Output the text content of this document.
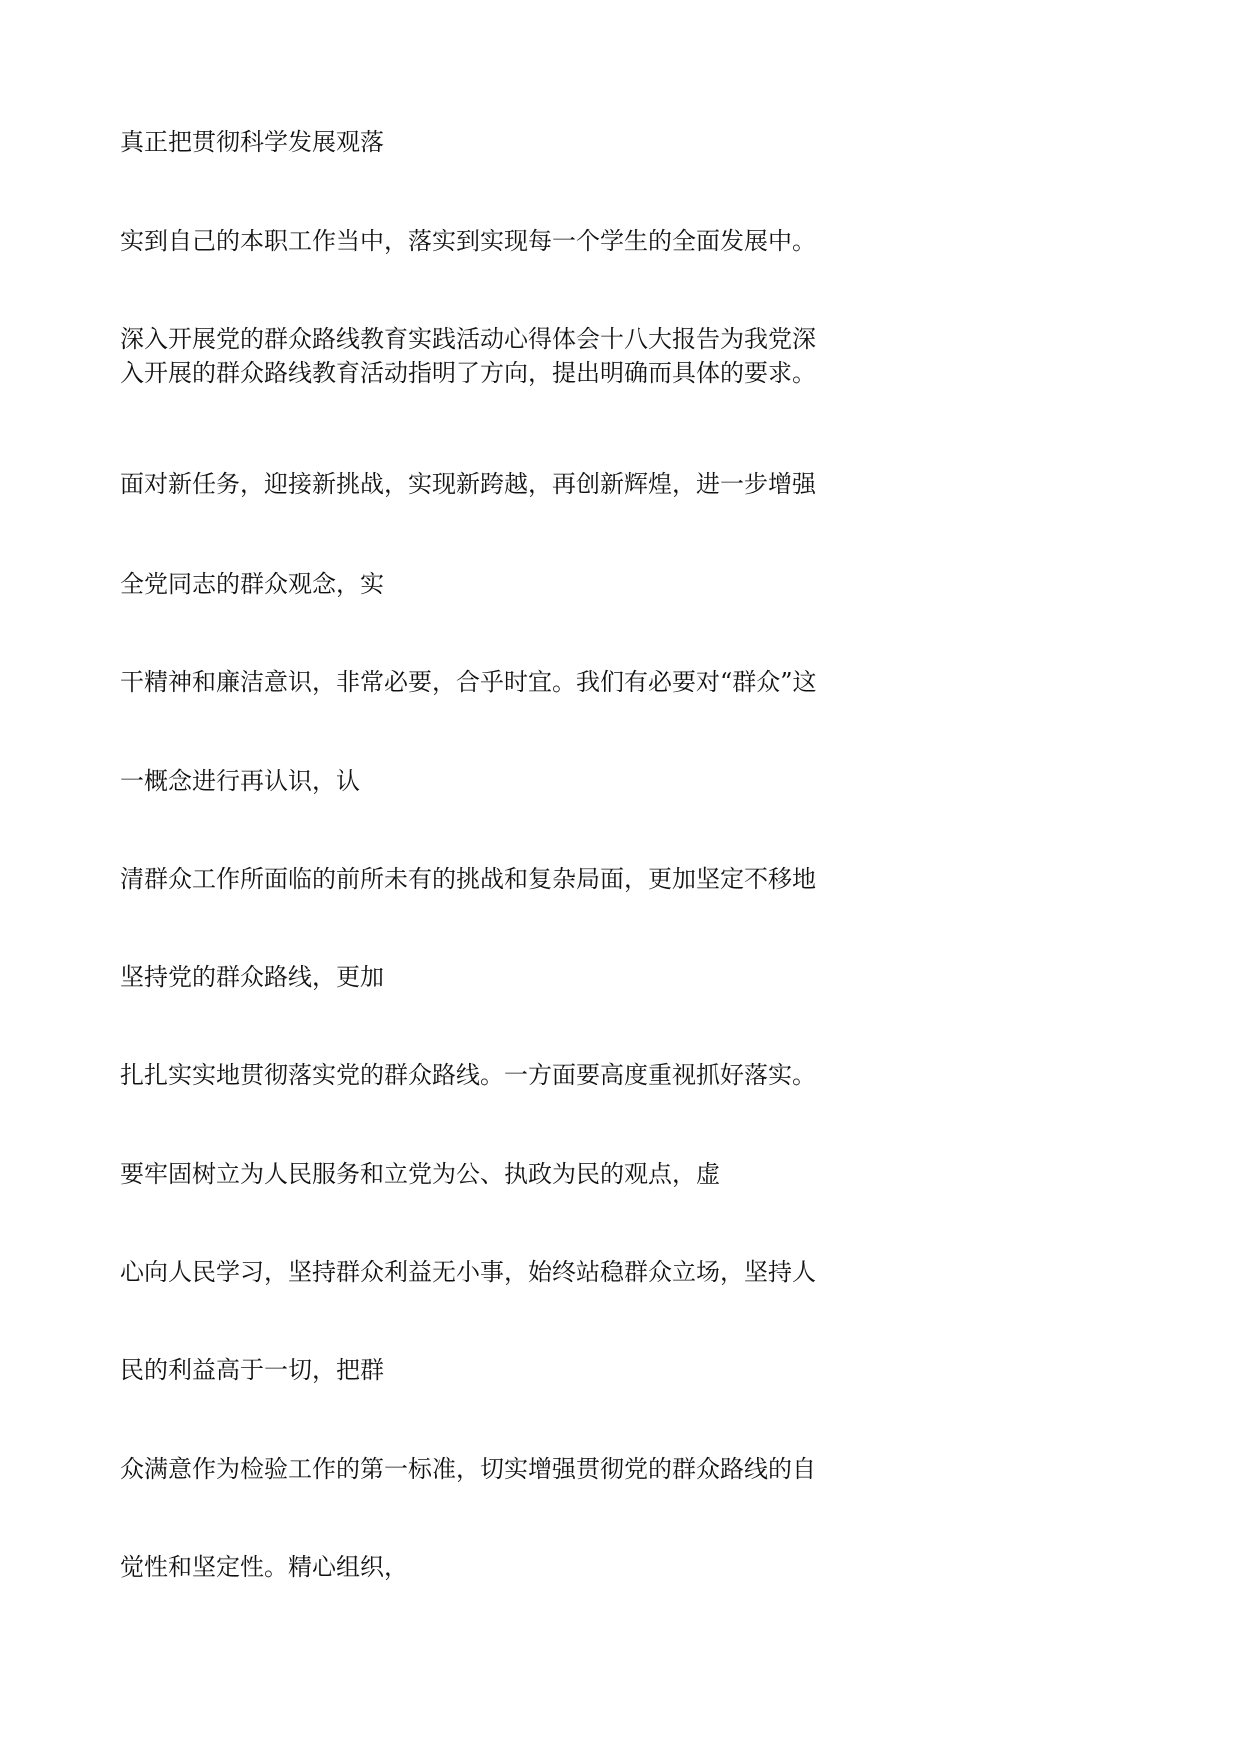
真正把贯彻科学发展观落

实到自己的本职工作当中，落实到实现每一个学生的全面发展中。

深入开展党的群众路线教育实践活动心得体会十八大报告为我党深

入开展的群众路线教育活动指明了方向，提出明确而具体的要求。

面对新任务，迎接新挑战，实现新跨越，再创新辉煌，进一步增强

全党同志的群众观念，实

干精神和廉洁意识，非常必要，合乎时宜。我们有必要对“群众”这

一概念进行再认识，认

清群众工作所面临的前所未有的挑战和复杂局面，更加坚定不移地

坚持党的群众路线，更加

扎扎实实地贯彻落实党的群众路线。一方面要高度重视抓好落实。

要牢固树立为人民服务和立党为公、执政为民的观点，虚

心向人民学习，坚持群众利益无小事，始终站稳群众立场，坚持人

民的利益高于一切，把群

众满意作为检验工作的第一标准，切实增强贯彻党的群众路线的自

觉性和坚定性。精心组织，
